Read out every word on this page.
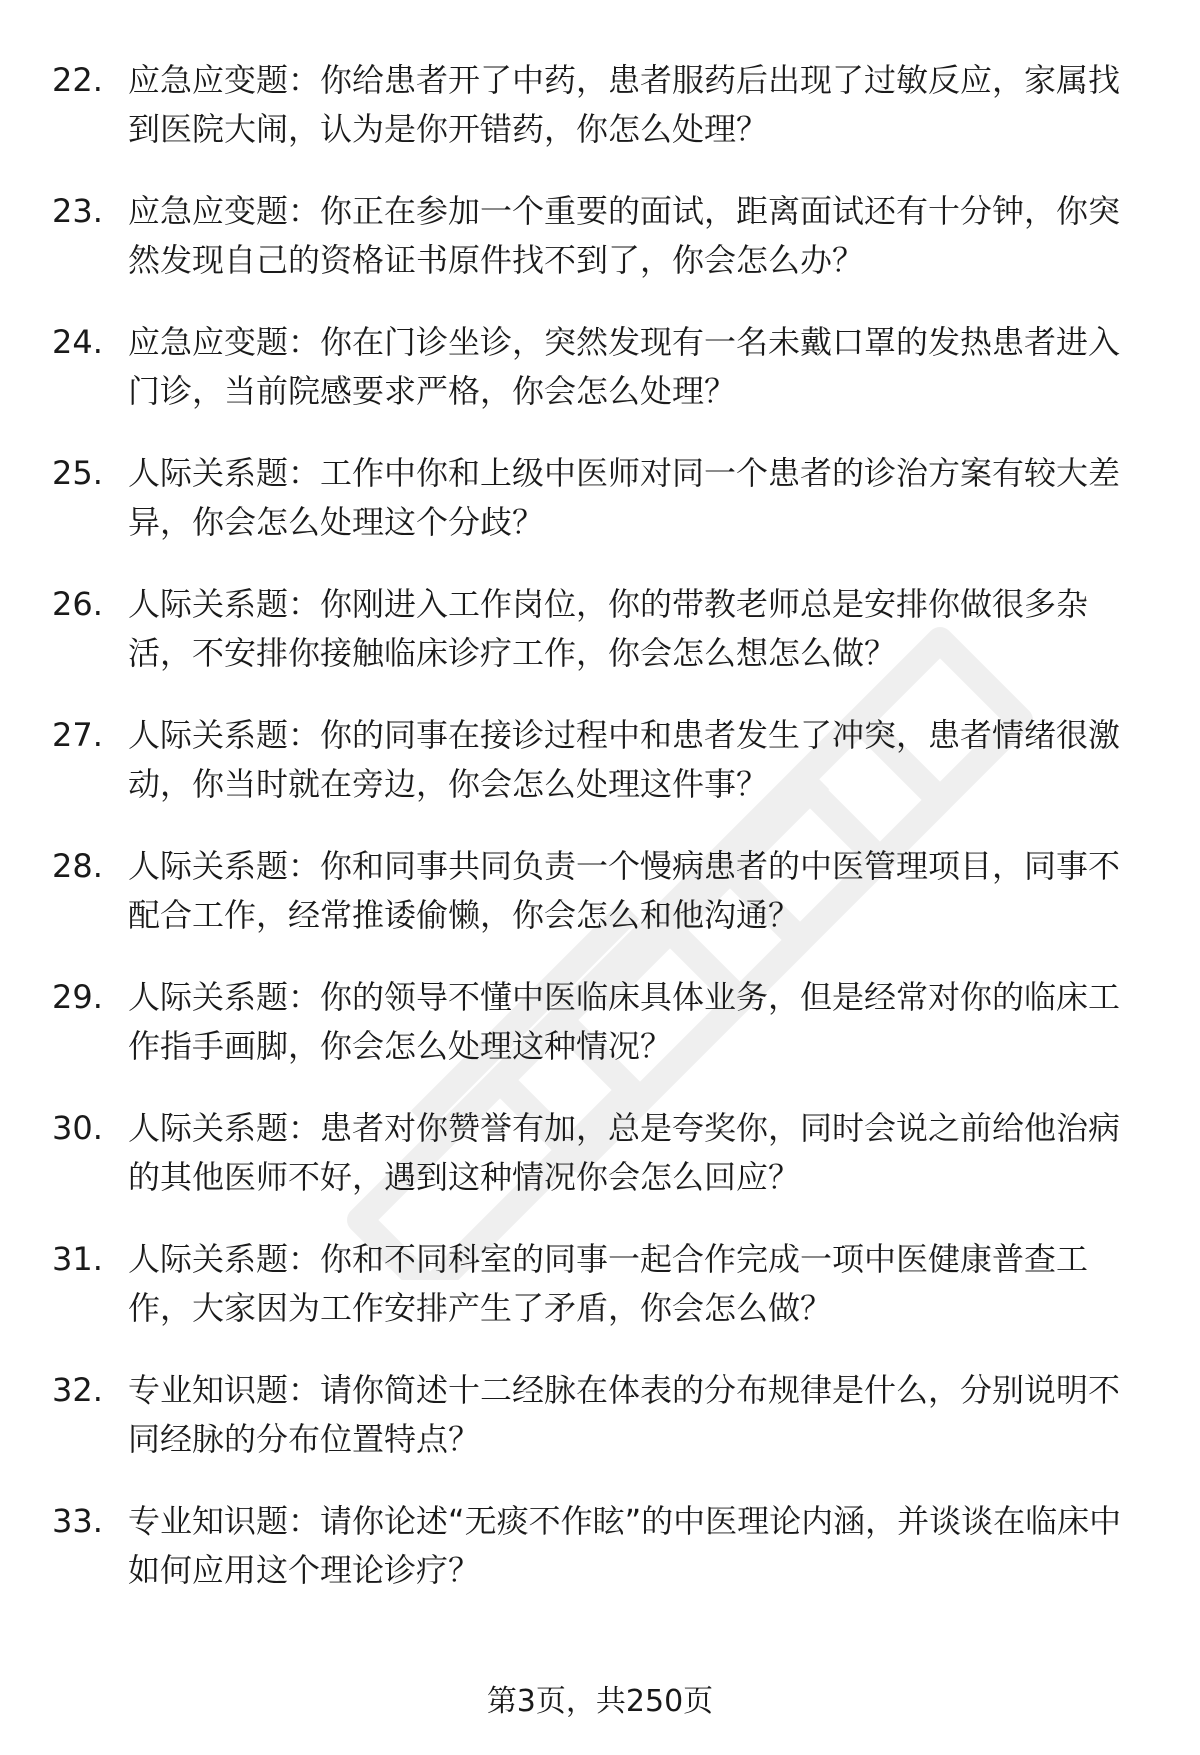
22. 应急应变题：你给患者开了中药，患者服药后出现了过敏反应，家属找到医院大闹，认为是你开错药，你怎么处理？
23. 应急应变题：你正在参加一个重要的面试，距离面试还有十分钟，你突然发现自己的资格证书原件找不到了，你会怎么办？
24. 应急应变题：你在门诊坐诊，突然发现有一名未戴口罩的发热患者进入门诊，当前院感要求严格，你会怎么处理？
25. 人际关系题：工作中你和上级中医师对同一个患者的诊治方案有较大差异，你会怎么处理这个分歧？
26. 人际关系题：你刚进入工作岗位，你的带教老师总是安排你做很多杂活，不安排你接触临床诊疗工作，你会怎么想怎么做？
27. 人际关系题：你的同事在接诊过程中和患者发生了冲突，患者情绪很激动，你当时就在旁边，你会怎么处理这件事？
28. 人际关系题：你和同事共同负责一个慢病患者的中医管理项目，同事不配合工作，经常推诿偷懒，你会怎么和他沟通？
29. 人际关系题：你的领导不懂中医临床具体业务，但是经常对你的临床工作指手画脚，你会怎么处理这种情况？
30. 人际关系题：患者对你赞誉有加，总是夸奖你，同时会说之前给他治病的其他医师不好，遇到这种情况你会怎么回应？
31. 人际关系题：你和不同科室的同事一起合作完成一项中医健康普查工作，大家因为工作安排产生了矛盾，你会怎么做？
32. 专业知识题：请你简述十二经脉在体表的分布规律是什么，分别说明不同经脉的分布位置特点？
33. 专业知识题：请你论述“无痰不作眩”的中医理论内涵，并谈谈在临床中如何应用这个理论诊疗？
第3页，共250页
